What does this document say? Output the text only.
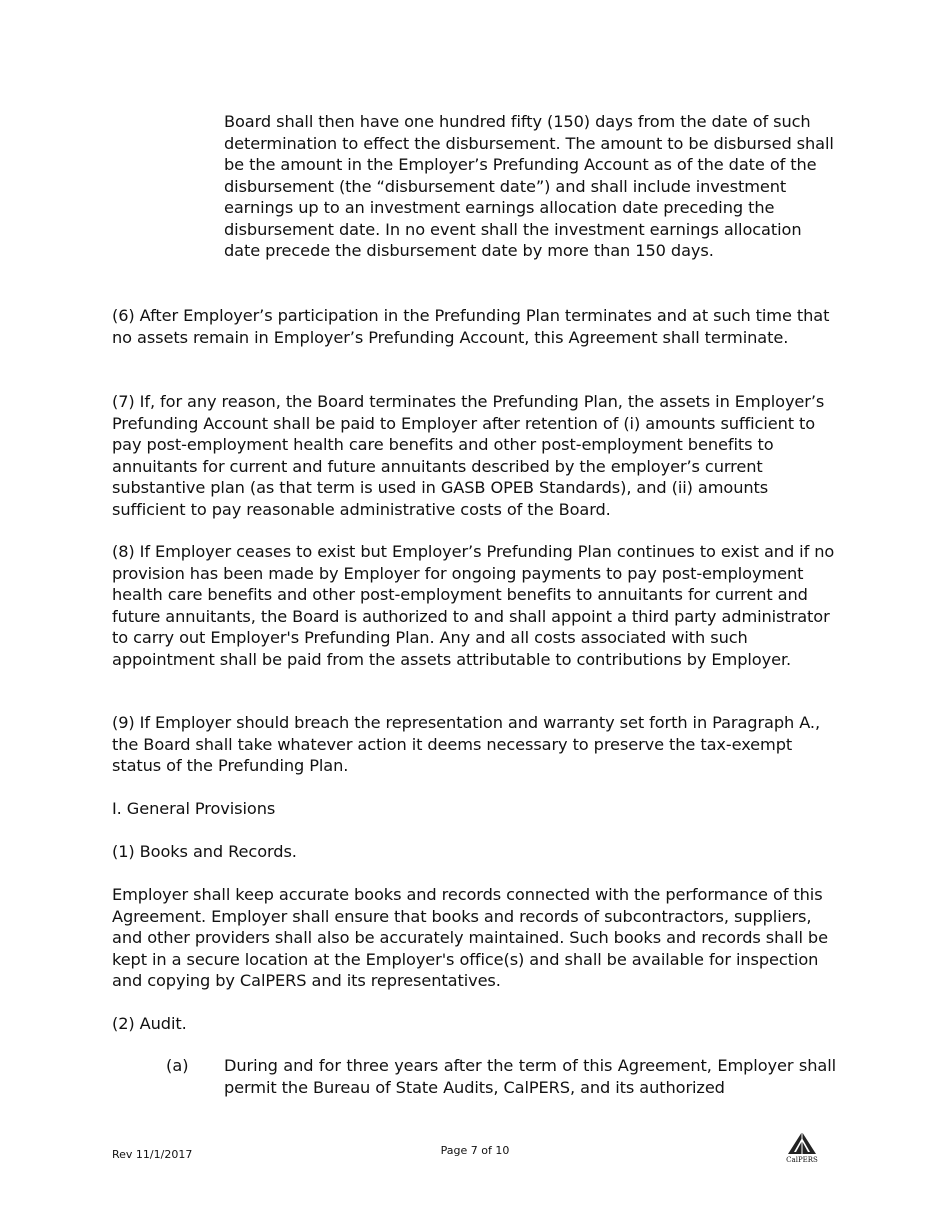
Board shall then have one hundred fifty (150) days from the date of such determination to effect the disbursement. The amount to be disbursed shall be the amount in the Employer’s Prefunding Account as of the date of the disbursement (the “disbursement date”) and shall include investment earnings up to an investment earnings allocation date preceding the disbursement date. In no event shall the investment earnings allocation date precede the disbursement date by more than 150 days.

(6) After Employer’s participation in the Prefunding Plan terminates and at such time that no assets remain in Employer’s Prefunding Account, this Agreement shall terminate.

(7) If, for any reason, the Board terminates the Prefunding Plan, the assets in Employer’s Prefunding Account shall be paid to Employer after retention of (i) amounts sufficient to pay post-employment health care benefits and other post-employment benefits to annuitants for current and future annuitants described by the employer’s current substantive plan (as that term is used in GASB OPEB Standards), and (ii) amounts sufficient to pay reasonable administrative costs of the Board.

(8) If Employer ceases to exist but Employer’s Prefunding Plan continues to exist and if no provision has been made by Employer for ongoing payments to pay post-employment health care benefits and other post-employment benefits to annuitants for current and future annuitants, the Board is authorized to and shall appoint a third party administrator to carry out Employer's Prefunding Plan. Any and all costs associated with such appointment shall be paid from the assets attributable to contributions by Employer.

(9) If Employer should breach the representation and warranty set forth in Paragraph A., the Board shall take whatever action it deems necessary to preserve the tax-exempt status of the Prefunding Plan.

I. General Provisions

(1) Books and Records.

Employer shall keep accurate books and records connected with the performance of this Agreement. Employer shall ensure that books and records of subcontractors, suppliers, and other providers shall also be accurately maintained. Such books and records shall be kept in a secure location at the Employer's office(s) and shall be available for inspection and copying by CalPERS and its representatives.

(2) Audit.

(a) During and for three years after the term of this Agreement, Employer shall permit the Bureau of State Audits, CalPERS, and its authorized

Rev 11/1/2017	Page 7 of 10
CalPERS
